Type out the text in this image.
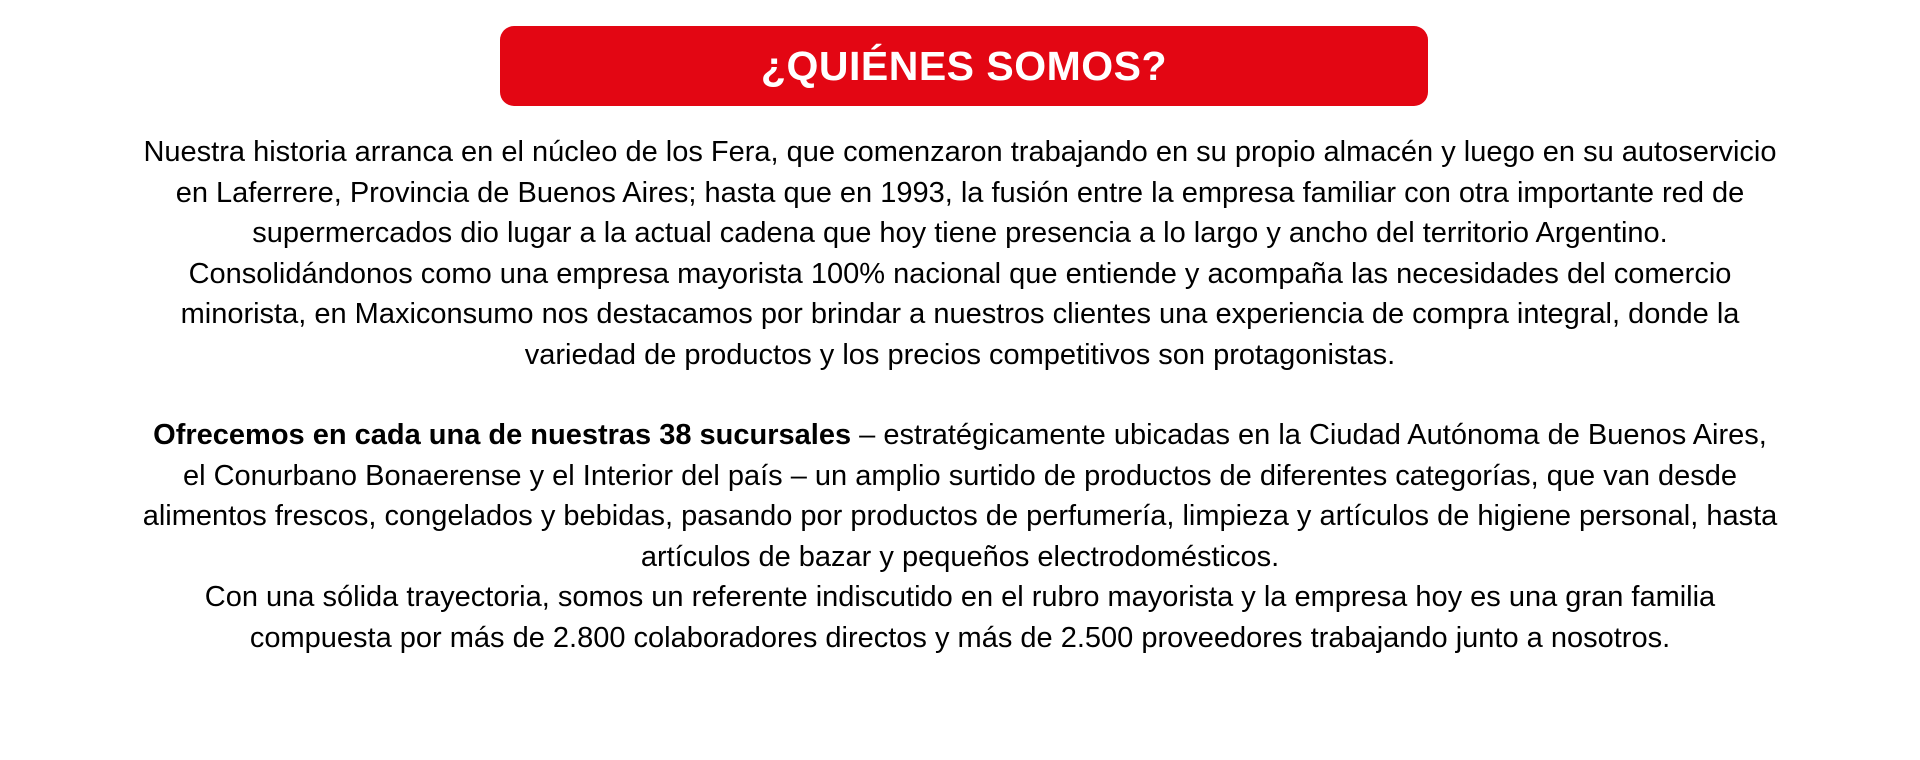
¿QUIÉNES SOMOS?

Nuestra historia arranca en el núcleo de los Fera, que comenzaron trabajando en su propio almacén y luego en su autoservicio en Laferrere, Provincia de Buenos Aires; hasta que en 1993, la fusión entre la empresa familiar con otra importante red de supermercados dio lugar a la actual cadena que hoy tiene presencia a lo largo y ancho del territorio Argentino. Consolidándonos como una empresa mayorista 100% nacional que entiende y acompaña las necesidades del comercio minorista, en Maxiconsumo nos destacamos por brindar a nuestros clientes una experiencia de compra integral, donde la variedad de productos y los precios competitivos son protagonistas.

Ofrecemos en cada una de nuestras 38 sucursales – estratégicamente ubicadas en la Ciudad Autónoma de Buenos Aires, el Conurbano Bonaerense y el Interior del país – un amplio surtido de productos de diferentes categorías, que van desde alimentos frescos, congelados y bebidas, pasando por productos de perfumería, limpieza y artículos de higiene personal, hasta artículos de bazar y pequeños electrodomésticos.

Con una sólida trayectoria, somos un referente indiscutido en el rubro mayorista y la empresa hoy es una gran familia compuesta por más de 2.800 colaboradores directos y más de 2.500 proveedores trabajando junto a nosotros.
